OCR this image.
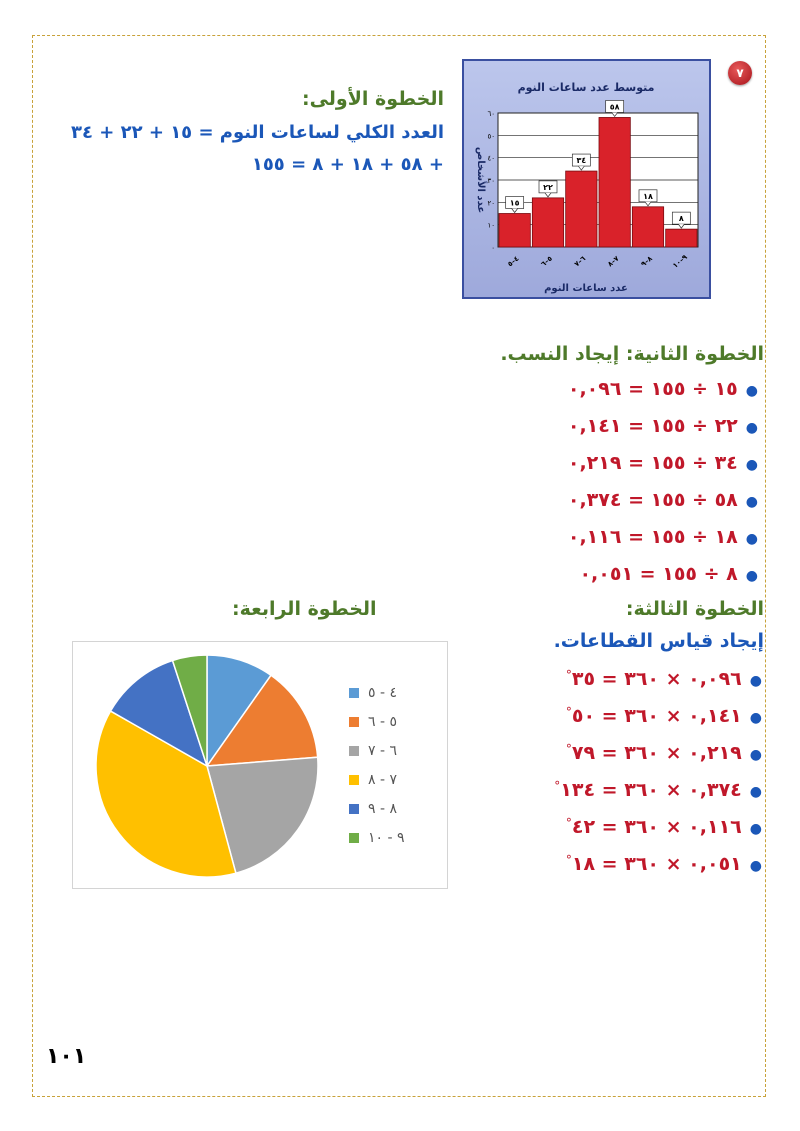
٧
متوسط عدد ساعات النوم
٠
١٠
٢٠
٣٠
٤٠
٥٠
٦٠
١٥
٤–٥
٢٢
٥–٦
٣٤
٦–٧
٥٨
٧–٨
١٨
٨–٩
٨
٩–١٠
عدد الأشخاص
عدد ساعات النوم
الخطوة الأولى:
العدد الكلي لساعات النوم = ١٥ + ٢٢ + ٣٤
+ ٥٨ + ١٨ + ٨ = ١٥٥
الخطوة الثانية: إيجاد النسب.
●١٥ ÷ ١٥٥ = ٠,٠٩٦
●٢٢ ÷ ١٥٥ = ٠,١٤١
●٣٤ ÷ ١٥٥ = ٠,٢١٩
●٥٨ ÷ ١٥٥ = ٠,٣٧٤
●١٨ ÷ ١٥٥ = ٠,١١٦
●٨ ÷ ١٥٥ = ٠,٠٥١
الخطوة الثالثة:
إيجاد قياس القطاعات.
●٠,٠٩٦ × ٣٦٠ = ٣٥°
●٠,١٤١ × ٣٦٠ = ٥٠°
●٠,٢١٩ × ٣٦٠ = ٧٩°
●٠,٣٧٤ × ٣٦٠ = ١٣٤°
●٠,١١٦ × ٣٦٠ = ٤٢°
●٠,٠٥١ × ٣٦٠ = ١٨°
الخطوة الرابعة:
٤ - ٥
٥ - ٦
٦ - ٧
٧ - ٨
٨ - ٩
٩ - ١٠
١٠١
